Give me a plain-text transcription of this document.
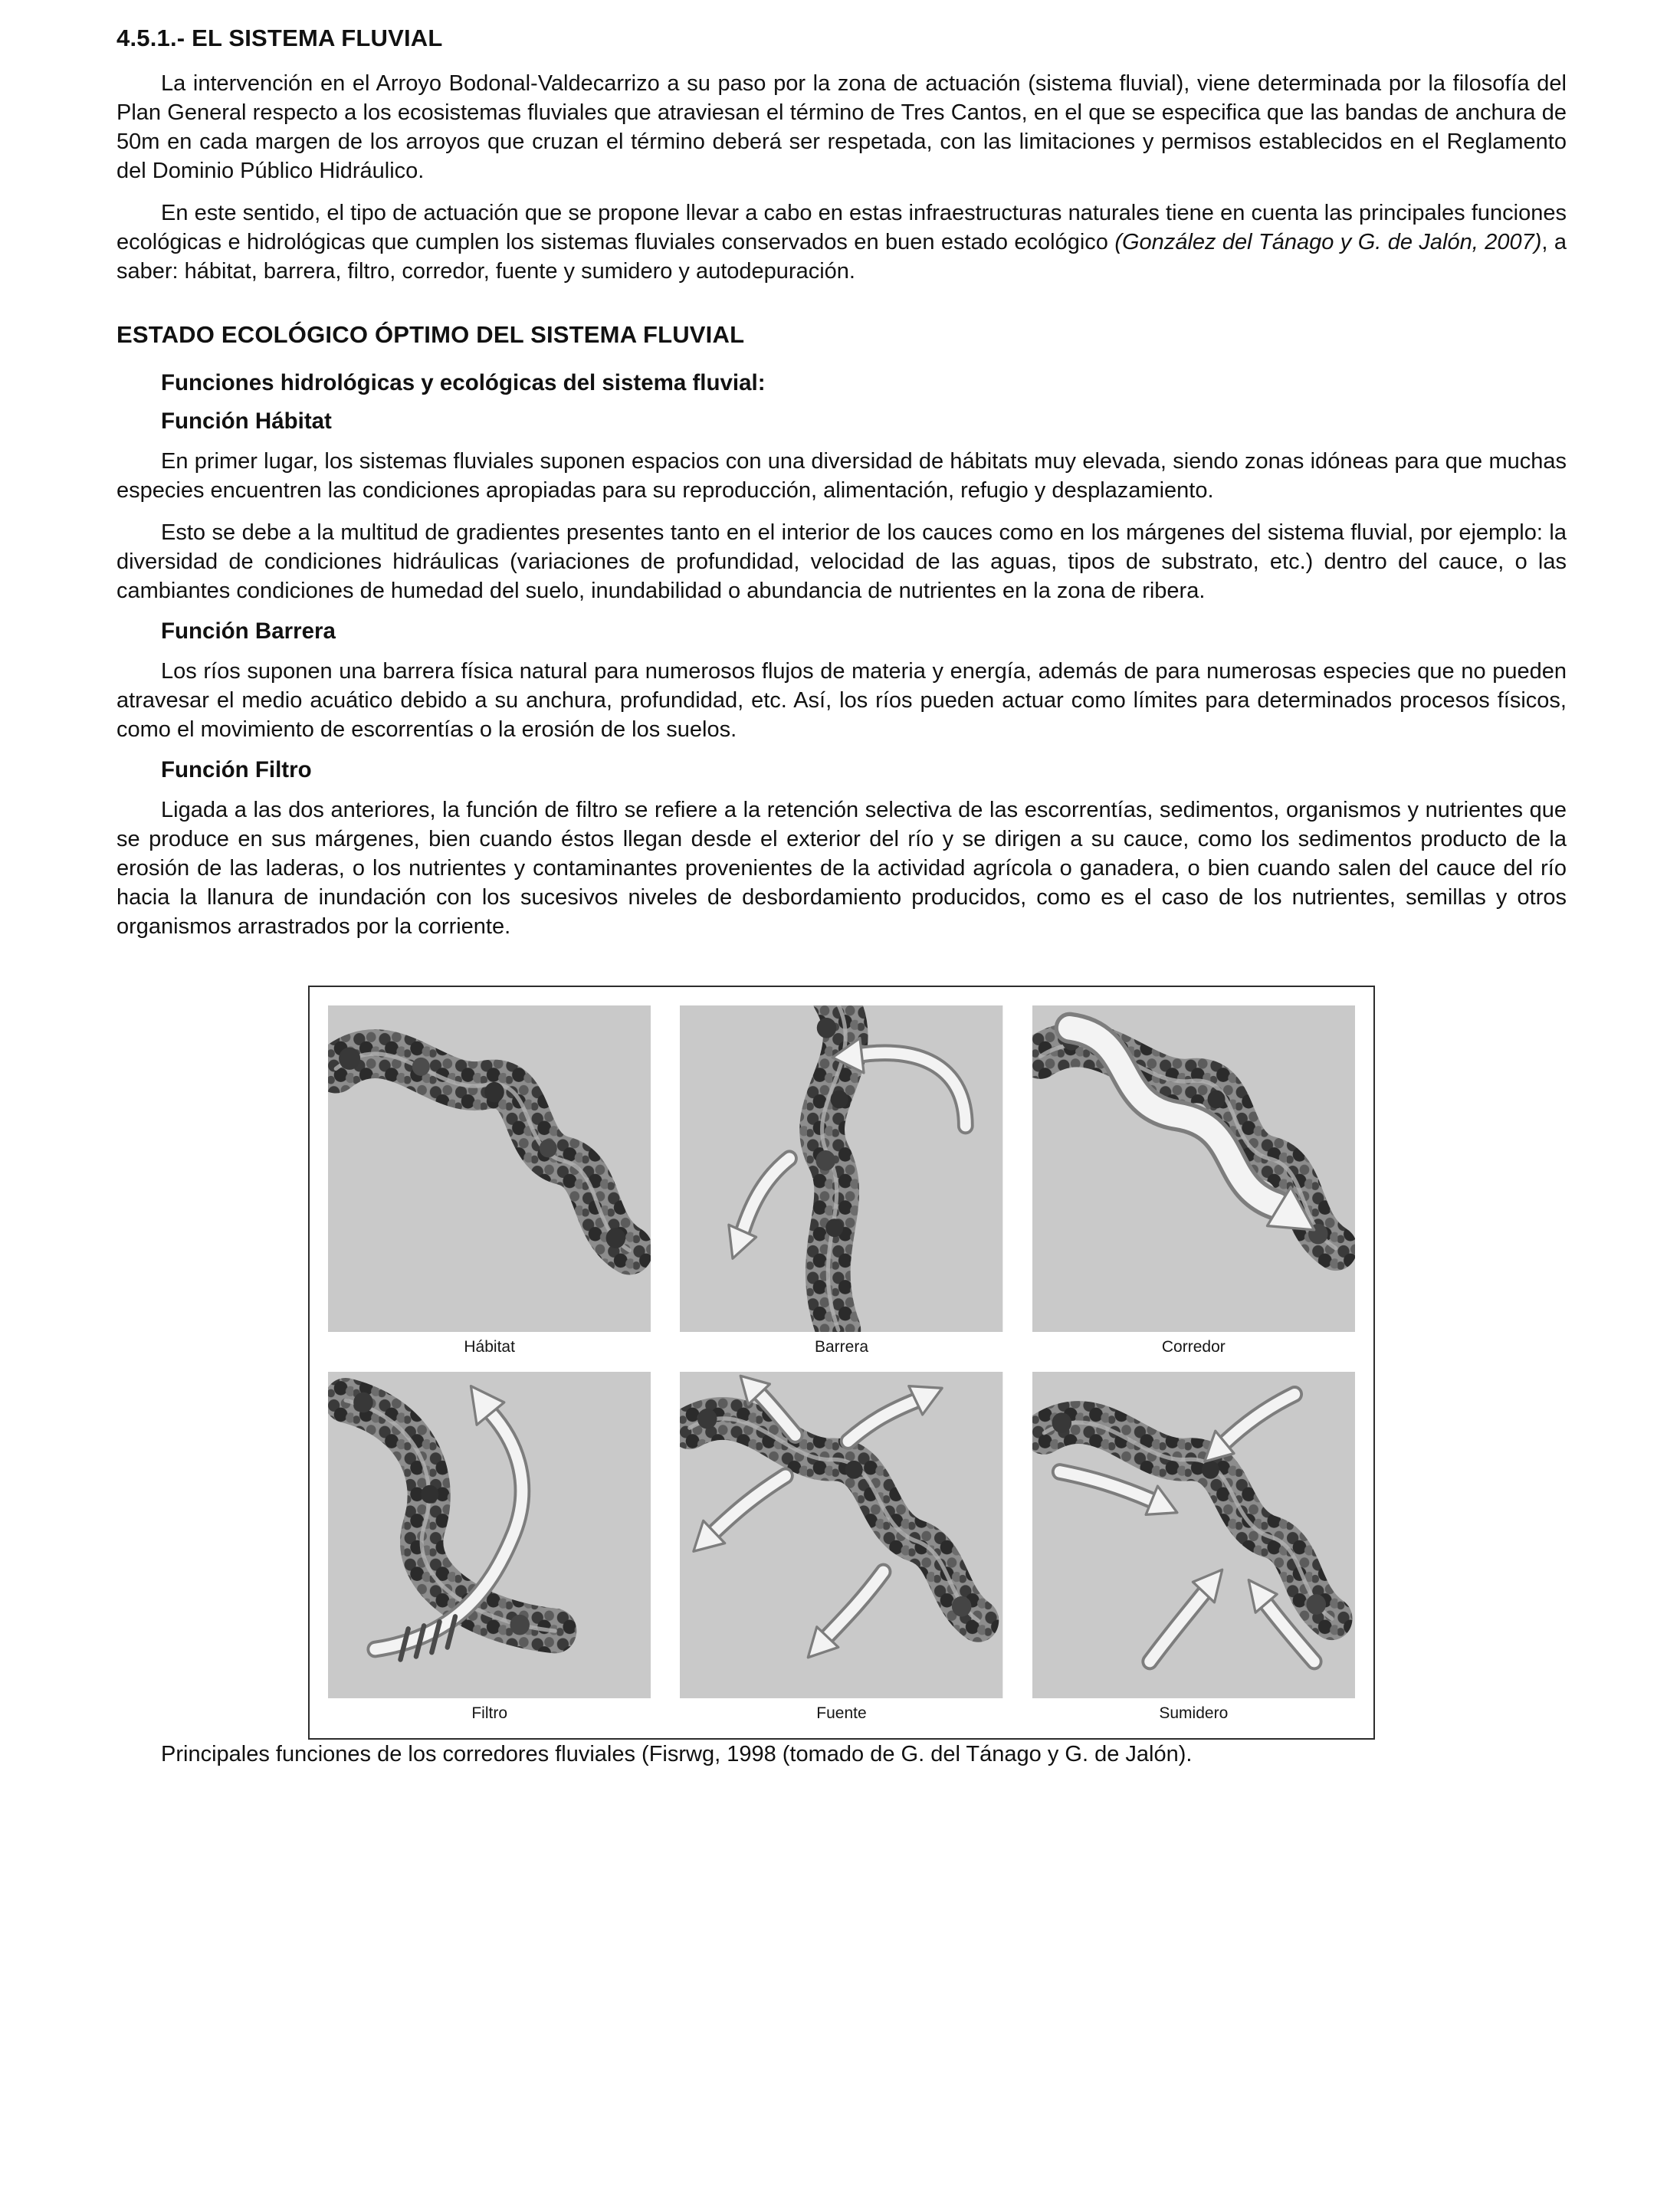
4.5.1.- EL SISTEMA FLUVIAL

La intervención en el Arroyo Bodonal-Valdecarrizo a su paso por la zona de actuación (sistema fluvial), viene determinada por la filosofía del Plan General respecto a los ecosistemas fluviales que atraviesan el término de Tres Cantos, en el que se especifica que las bandas de anchura de 50m en cada margen de los arroyos que cruzan el término deberá ser respetada, con las limitaciones y permisos establecidos en el Reglamento del Dominio Público Hidráulico.

En este sentido, el tipo de actuación que se propone llevar a cabo en estas infraestructuras naturales tiene en cuenta las principales funciones ecológicas e hidrológicas que cumplen los sistemas fluviales conservados en buen estado ecológico (González del Tánago y G. de Jalón, 2007), a saber: hábitat, barrera, filtro, corredor, fuente y sumidero y autodepuración.

ESTADO ECOLÓGICO ÓPTIMO DEL SISTEMA FLUVIAL
Funciones hidrológicas y ecológicas del sistema fluvial:
Función Hábitat

En primer lugar, los sistemas fluviales suponen espacios con una diversidad de hábitats muy elevada, siendo zonas idóneas para que muchas especies encuentren las condiciones apropiadas para su reproducción, alimentación, refugio y desplazamiento.

Esto se debe a la multitud de gradientes presentes tanto en el interior de los cauces como en los márgenes del sistema fluvial, por ejemplo: la diversidad de condiciones hidráulicas (variaciones de profundidad, velocidad de las aguas, tipos de substrato, etc.) dentro del cauce, o las cambiantes condiciones de humedad del suelo, inundabilidad o abundancia de nutrientes en la zona de ribera.

Función Barrera

Los ríos suponen una barrera física natural para numerosos flujos de materia y energía, además de para numerosas especies que no pueden atravesar el medio acuático debido a su anchura, profundidad, etc. Así, los ríos pueden actuar como límites para determinados procesos físicos, como el movimiento de escorrentías o la erosión de los suelos.

Función Filtro

Ligada a las dos anteriores, la función de filtro se refiere a la retención selectiva de las escorrentías, sedimentos, organismos y nutrientes que se produce en sus márgenes, bien cuando éstos llegan desde el exterior del río y se dirigen a su cauce, como los sedimentos producto de la erosión de las laderas, o los nutrientes y contaminantes provenientes de la actividad agrícola o ganadera, o bien cuando salen del cauce del río hacia la llanura de inundación con los sucesivos niveles de desbordamiento producidos, como es el caso de los nutrientes, semillas y otros organismos arrastrados por la corriente.

Hábitat	Barrera	Corredor
Filtro	Fuente	Sumidero

Principales funciones de los corredores fluviales (Fisrwg, 1998 (tomado de G. del Tánago y G. de Jalón).
